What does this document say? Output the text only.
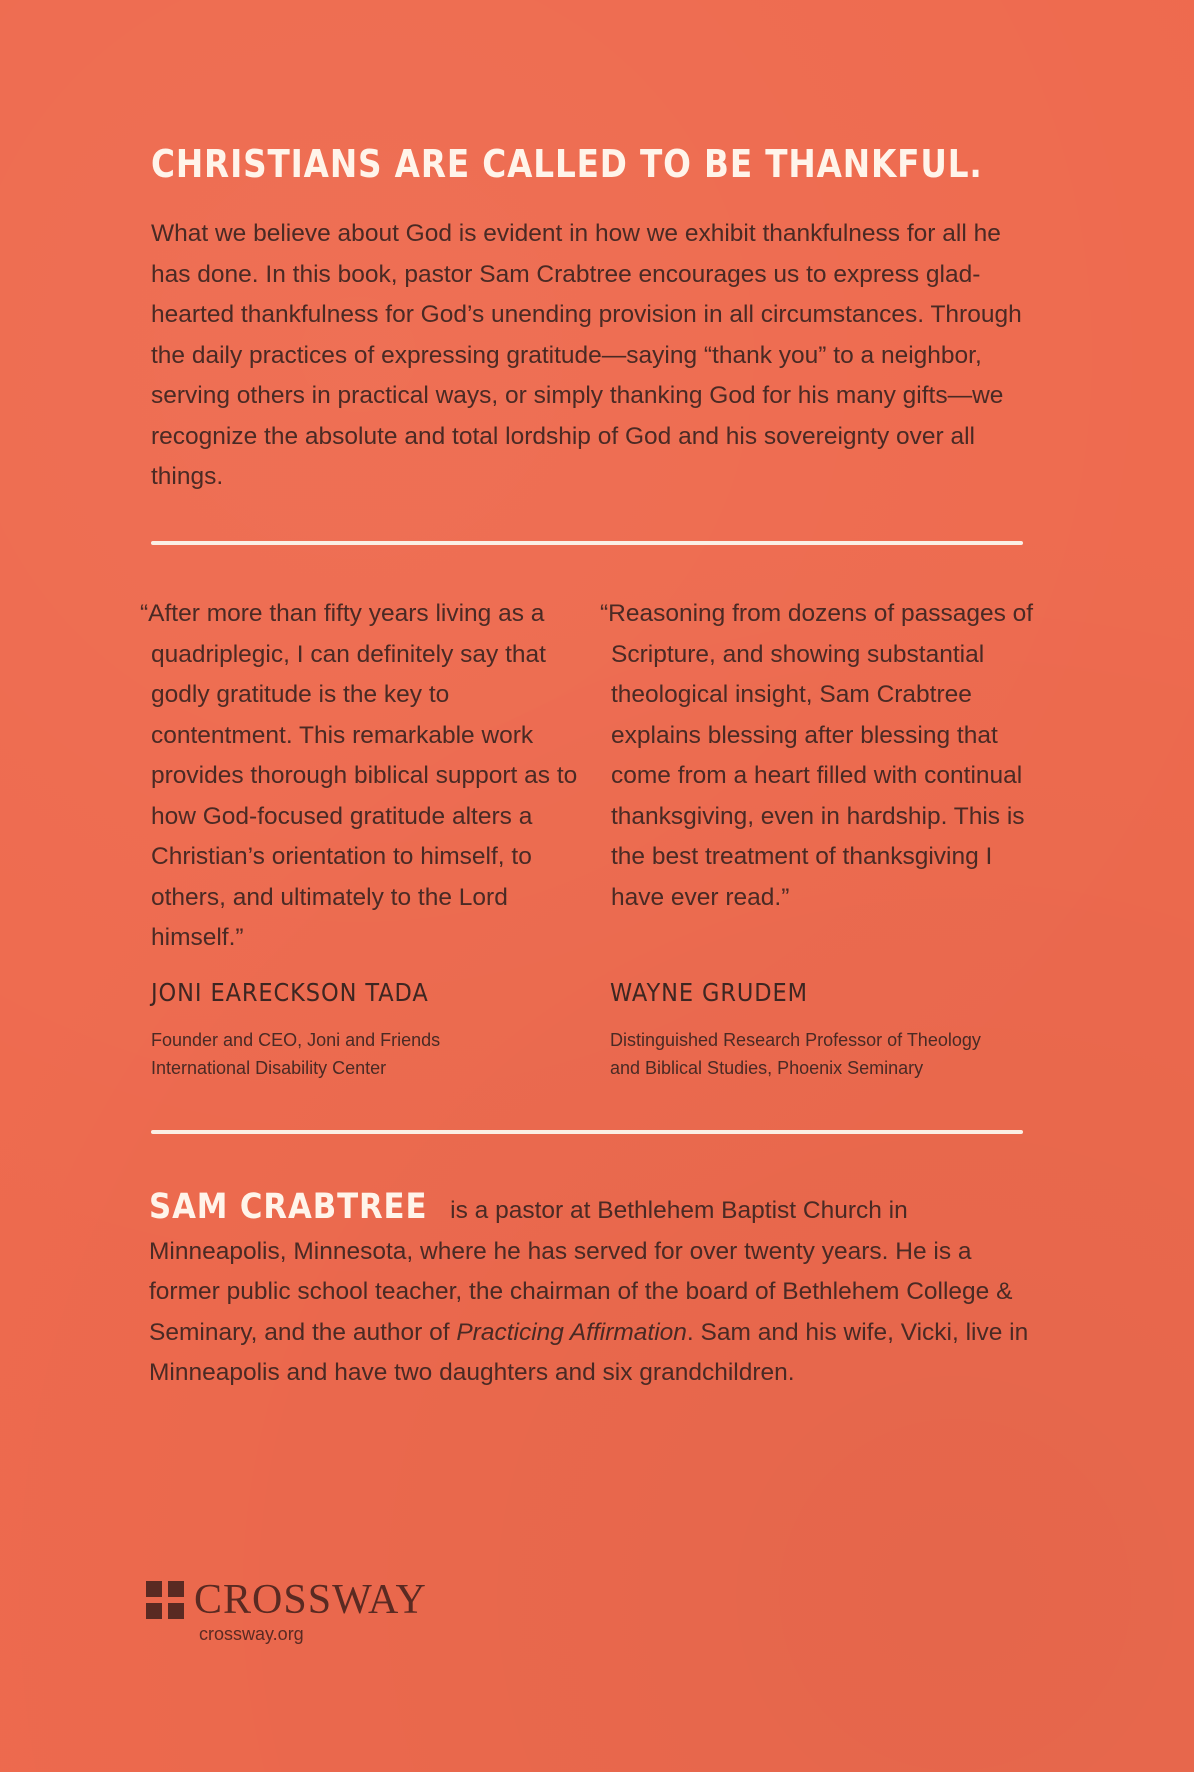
CHRISTIANS ARE CALLED TO BE THANKFUL.

What we believe about God is evident in how we exhibit thankfulness for all he has done. In this book, pastor Sam Crabtree encourages us to express glad-hearted thankfulness for God’s unending provision in all circumstances. Through the daily practices of expressing gratitude—saying “thank you” to a neighbor, serving others in practical ways, or simply thanking God for his many gifts—we recognize the absolute and total lordship of God and his sovereignty over all things.

“After more than fifty years living as a quadriplegic, I can definitely say that godly gratitude is the key to contentment. This remarkable work provides thorough biblical support as to how God-focused gratitude alters a Christian’s orientation to himself, to others, and ultimately to the Lord himself.”

“Reasoning from dozens of passages of Scripture, and showing substantial theological insight, Sam Crabtree explains blessing after blessing that come from a heart filled with continual thanksgiving, even in hardship. This is the best treatment of thanksgiving I have ever read.”

JONI EARECKSON TADA	WAYNE GRUDEM

Founder and CEO, Joni and Friends
International Disability Center

Distinguished Research Professor of Theology
and Biblical Studies, Phoenix Seminary

SAM CRABTREE is a pastor at Bethlehem Baptist Church in Minneapolis, Minnesota, where he has served for over twenty years. He is a former public school teacher, the chairman of the board of Bethlehem College & Seminary, and the author of Practicing Affirmation. Sam and his wife, Vicki, live in Minneapolis and have two daughters and six grandchildren.

CROSSWAY
crossway.org
